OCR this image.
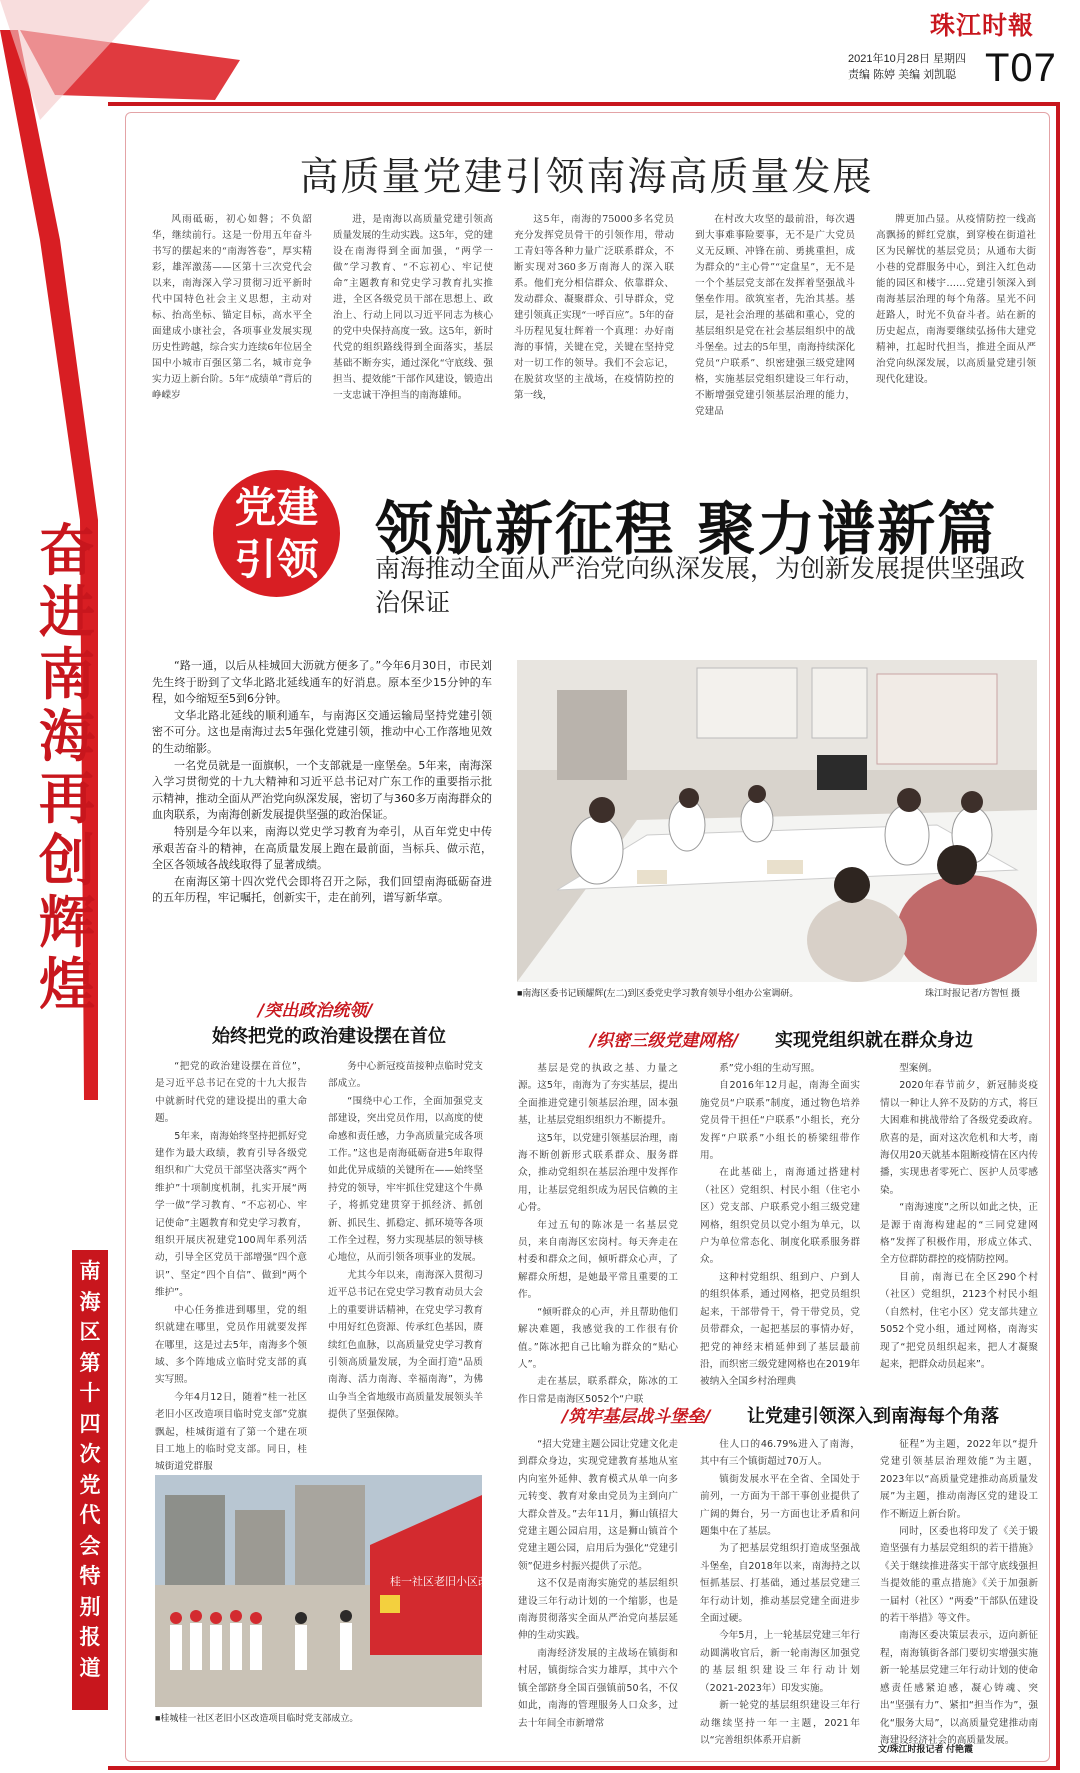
珠江时報
2021年10月28日 星期四
责编 陈婷 美编 刘凯聪 T07
奋进南海 再创辉煌
南海区第十四次党代会特别报道
高质量党建引领南海高质量发展

风雨砥砺，初心如磐；不负韶华，继续前行。这是一份用五年奋斗书写的摆起来的“南海答卷”，厚实精彩，雄浑激荡——区第十三次党代会以来，南海深入学习贯彻习近平新时代中国特色社会主义思想，主动对标、抬高坐标、锚定目标，高水平全面建成小康社会，各项事业发展实现历史性跨越，综合实力连续6年位居全国中小城市百强区第二名，城市竞争实力迈上新台阶。5年“成绩单”背后的峥嵘岁

进，是南海以高质量党建引领高质量发展的生动实践。这5年，党的建设在南海得到全面加强，“两学一做”学习教育、“不忘初心、牢记使命”主题教育和党史学习教育扎实推进，全区各级党员干部在思想上、政治上、行动上同以习近平同志为核心的党中央保持高度一致。这5年，新时代党的组织路线得到全面落实，基层基础不断夯实，通过深化“守底线、强担当、提效能”干部作风建设，锻造出一支忠诚干净担当的南海雄师。

这5年，南海的75000多名党员充分发挥党员骨干的引领作用，带动工青妇等各种力量广泛联系群众，不断实现对360多万南海人的深入联系。他们充分相信群众、依靠群众、发动群众、凝聚群众、引导群众，党建引领真正实现“一呼百应”。5年的奋斗历程见复壮辉着一个真理：办好南海的事情，关键在党，关键在坚持党对一切工作的领导。我们不会忘记，在脱贫攻坚的主战场，在疫情防控的第一线，

在村改大攻坚的最前沿，每次遇到大事难事险要事，无不是广大党员义无反顾、冲锋在前、勇挑重担，成为群众的“主心骨”“定盘星”，无不是一个个基层党支部在发挥着坚强战斗堡垒作用。欲筑室者，先治其基。基层，是社会治理的基础和重心，党的基层组织是党在社会基层组织中的战斗堡垒。过去的5年里，南海持续深化党员“户联系”、织密建强三级党建网格，实施基层党组织建设三年行动，不断增强党建引领基层治理的能力，党建品

牌更加凸显。从疫情防控一线高高飘扬的鲜红党旗，到穿梭在街道社区为民解忧的基层党员；从通布大街小巷的党群服务中心，到注入红色动能的园区和楼宇……党建引领深入到南海基层治理的每个角落。星光不问赶路人，时光不负奋斗者。站在新的历史起点，南海要继续弘扬伟大建党精神，扛起时代担当，推进全面从严治党向纵深发展，以高质量党建引领现代化建设。

党建
引领 领航新征程 聚力谱新篇
南海推动全面从严治党向纵深发展，为创新发展提供坚强政治保证

“路一通，以后从桂城回大沥就方便多了。”今年6月30日，市民刘先生终于盼到了文华北路北延线通车的好消息。原本至少15分钟的车程，如今缩短至5到6分钟。

文华北路北延线的顺利通车，与南海区交通运输局坚持党建引领密不可分。这也是南海过去5年强化党建引领，推动中心工作落地见效的生动缩影。

一名党员就是一面旗帜，一个支部就是一座堡垒。5年来，南海深入学习贯彻党的十九大精神和习近平总书记对广东工作的重要指示批示精神，推动全面从严治党向纵深发展，密切了与360多万南海群众的血肉联系，为南海创新发展提供坚强的政治保证。

特别是今年以来，南海以党史学习教育为牵引，从百年党史中传承艰苦奋斗的精神，在高质量发展上跑在最前面，当标兵、做示范，全区各领域各战线取得了显著成绩。

在南海区第十四次党代会即将召开之际，我们回望南海砥砺奋进的五年历程，牢记嘱托，创新实干，走在前列，谱写新华章。

■南海区委书记顾耀辉(左二)到区委党史学习教育领导小组办公室调研。	珠江时报记者/方智恒 摄
/突出政治统领/
始终把党的政治建设摆在首位

“把党的政治建设摆在首位”，是习近平总书记在党的十九大报告中就新时代党的建设提出的重大命题。

5年来，南海始终坚持把抓好党建作为最大政绩，教育引导各级党组织和广大党员干部坚决落实“两个维护”十项制度机制，扎实开展“两学一做”学习教育、“不忘初心、牢记使命”主题教育和党史学习教育，组织开展庆祝建党100周年系列活动，引导全区党员干部增强“四个意识”、坚定“四个自信”、做到“两个维护”。

中心任务推进到哪里，党的组织就建在哪里，党员作用就要发挥在哪里，这是过去5年，南海多个领域、多个阵地成立临时党支部的真实写照。

今年4月12日，随着“桂一社区老旧小区改造项目临时党支部”党旗飘起，桂城街道有了第一个建在项目工地上的临时党支部。同日，桂城街道党群服

务中心新冠疫苗接种点临时党支部成立。

“围绕中心工作，全面加强党支部建设，突出党员作用，以高度的使命感和责任感，力争高质量完成各项工作。”这也是南海砥砺奋进5年取得如此优异成绩的关键所在——始终坚持党的领导，牢牢抓住党建这个牛鼻子，将抓党建贯穿于抓经济、抓创新、抓民生、抓稳定、抓环境等各项工作全过程，努力实现基层的领导核心地位，从而引领各项事业的发展。

尤其今年以来，南海深入贯彻习近平总书记在党史学习教育动员大会上的重要讲话精神，在党史学习教育中用好红色资源、传承红色基因，赓续红色血脉，以高质量党史学习教育引领高质量发展，为全面打造“品质南海、活力南海、幸福南海”，为佛山争当全省地级市高质量发展领头羊提供了坚强保障。

桂一社区老旧小区改造工程
■桂城桂一社区老旧小区改造项目临时党支部成立。
/织密三级党建网格/ 实现党组织就在群众身边

基层是党的执政之基、力量之源。这5年，南海为了夯实基层，提出全面推进党建引领基层治理，固本强基，让基层党组织组织力不断提升。

这5年，以党建引领基层治理，南海不断创新形式联系群众、服务群众，推动党组织在基层治理中发挥作用，让基层党组织成为居民信赖的主心骨。

年过五旬的陈冰是一名基层党员，来自南海区宏岗村。每天奔走在村委和群众之间，倾听群众心声，了解群众所想，是她最平常且重要的工作。

“倾听群众的心声，并且帮助他们解决难题，我感觉我的工作很有价值。”陈冰把自己比喻为群众的“贴心人”。

走在基层，联系群众，陈冰的工作日常是南海区5052个“户联

系”党小组的生动写照。

自2016年12月起，南海全面实施党员“户联系”制度，通过物色培养党员骨干担任“户联系”小组长，充分发挥“户联系”小组长的桥梁纽带作用。

在此基础上，南海通过搭建村（社区）党组织、村民小组（住宅小区）党支部、户联系党小组三级党建网格，组织党员以党小组为单元，以户为单位常态化、制度化联系服务群众。

这种村党组织、组到户、户到人的组织体系，通过网格，把党员组织起来，干部带骨干，骨干带党员，党员带群众，一起把基层的事情办好，把党的神经末梢延伸到了基层最前沿，而织密三级党建网格也在2019年被纳入全国乡村治理典

型案例。

2020年春节前夕，新冠肺炎疫情以一种让人猝不及防的方式，将巨大困难和挑战带给了各级党委政府。欣喜的是，面对这次危机和大考，南海仅用20天就基本阻断疫情在区内传播，实现患者零死亡、医护人员零感染。

“南海速度”之所以如此之快，正是源于南海构建起的“三同党建网格”发挥了积极作用，形成立体式、全方位群防群控的疫情防控网。

目前，南海已在全区290个村（社区）党组织，2123个村民小组（自然村，住宅小区）党支部共建立5052个党小组，通过网格，南海实现了“把党员组织起来，把人才凝聚起来，把群众动员起来”。

/筑牢基层战斗堡垒/ 让党建引领深入到南海每个角落

“招大党建主题公园让党建文化走到群众身边，实现党建教育基地从室内向室外延伸、教育模式从单一向多元转变、教育对象由党员为主到向广大群众普及。”去年11月，狮山镇招大党建主题公园启用，这是狮山镇首个党建主题公园，启用后为强化“党建引领”促进乡村振兴提供了示范。

这不仅是南海实施党的基层组织建设三年行动计划的一个缩影，也是南海贯彻落实全面从严治党向基层延伸的生动实践。

南海经济发展的主战场在镇街和村居，镇街综合实力雄厚，其中六个镇全部跻身全国百强镇前50名，不仅如此，南海的管理服务人口众多，过去十年间全市新增常

住人口的46.79%进入了南海，其中有三个镇街超过70万人。

镇街发展水平在全省、全国处于前列，一方面为干部干事创业提供了广阔的舞台，另一方面也让矛盾和问题集中在了基层。

为了把基层党组织打造成坚强战斗堡垒，自2018年以来，南海持之以恒抓基层、打基础，通过基层党建三年行动计划，推动基层党建全面进步全面过硬。

今年5月，上一轮基层党建三年行动圆满收官后，新一轮南海区加强党的基层组织建设三年行动计划（2021-2023年）印发实施。

新一轮党的基层组织建设三年行动继续坚持一年一主题，2021年以“完善组织体系开启新

征程”为主题，2022年以“提升党建引领基层治理效能”为主题，2023年以“高质量党建推动高质量发展”为主题，推动南海区党的建设工作不断迈上新台阶。

同时，区委也将印发了《关于锻造坚强有力基层党组织的若干措施》《关于继续推进落实干部守底线强担当提效能的重点措施》《关于加强新一届村（社区）“两委”干部队伍建设的若干举措》等文件。

南海区委决策层表示，迈向新征程，南海镇街各部门要切实增强实施新一轮基层党建三年行动计划的使命感责任感紧迫感，凝心铸魂、突出“坚强有力”、紧扣“担当作为”，强化“服务大局”，以高质量党建推动南海建设经济社会的高质量发展。

文/珠江时报记者 付艳霞
